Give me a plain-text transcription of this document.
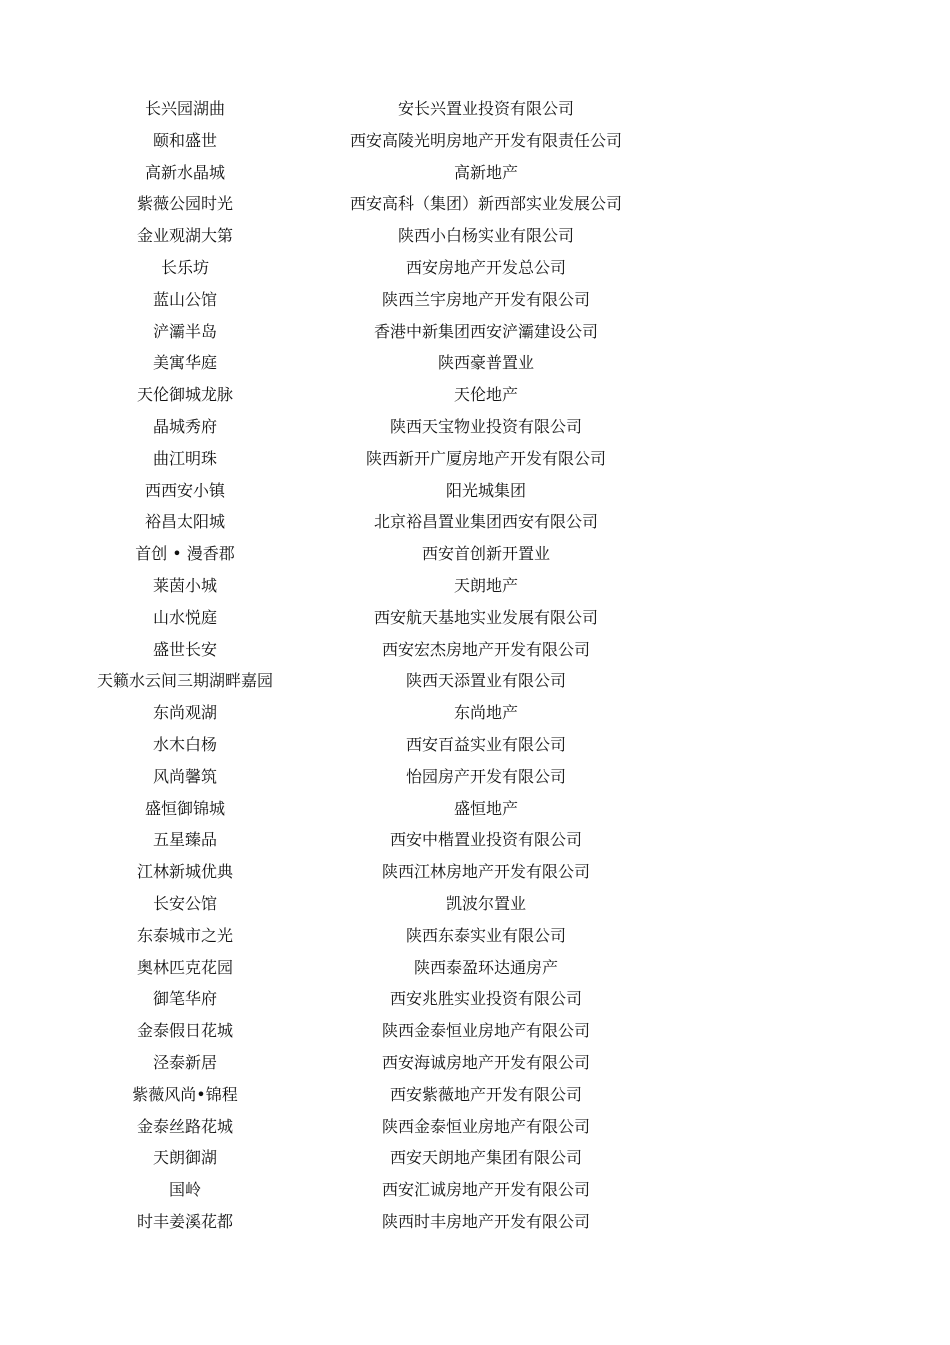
长兴园湖曲	安长兴置业投资有限公司
颐和盛世	西安高陵光明房地产开发有限责任公司
高新水晶城	高新地产
紫薇公园时光	西安高科（集团）新西部实业发展公司
金业观湖大第	陕西小白杨实业有限公司
长乐坊	西安房地产开发总公司
蓝山公馆	陕西兰宇房地产开发有限公司
浐灞半岛	香港中新集团西安浐灞建设公司
美寓华庭	陕西豪普置业
天伦御城龙脉	天伦地产
晶城秀府	陕西天宝物业投资有限公司
曲江明珠	陕西新开广厦房地产开发有限公司
西西安小镇	阳光城集团
裕昌太阳城	北京裕昌置业集团西安有限公司
首创 • 漫香郡	西安首创新开置业
莱茵小城	天朗地产
山水悦庭	西安航天基地实业发展有限公司
盛世长安	西安宏杰房地产开发有限公司
天籁水云间三期湖畔嘉园	陕西天添置业有限公司
东尚观湖	东尚地产
水木白杨	西安百益实业有限公司
风尚馨筑	怡园房产开发有限公司
盛恒御锦城	盛恒地产
五星臻品	西安中楷置业投资有限公司
江林新城优典	陕西江林房地产开发有限公司
长安公馆	凯波尔置业
东泰城市之光	陕西东泰实业有限公司
奥林匹克花园	陕西泰盈环达通房产
御笔华府	西安兆胜实业投资有限公司
金泰假日花城	陕西金泰恒业房地产有限公司
泾泰新居	西安海诚房地产开发有限公司
紫薇风尚•锦程	西安紫薇地产开发有限公司
金泰丝路花城	陕西金泰恒业房地产有限公司
天朗御湖	西安天朗地产集团有限公司
国岭	西安汇诚房地产开发有限公司
时丰姜溪花都	陕西时丰房地产开发有限公司
